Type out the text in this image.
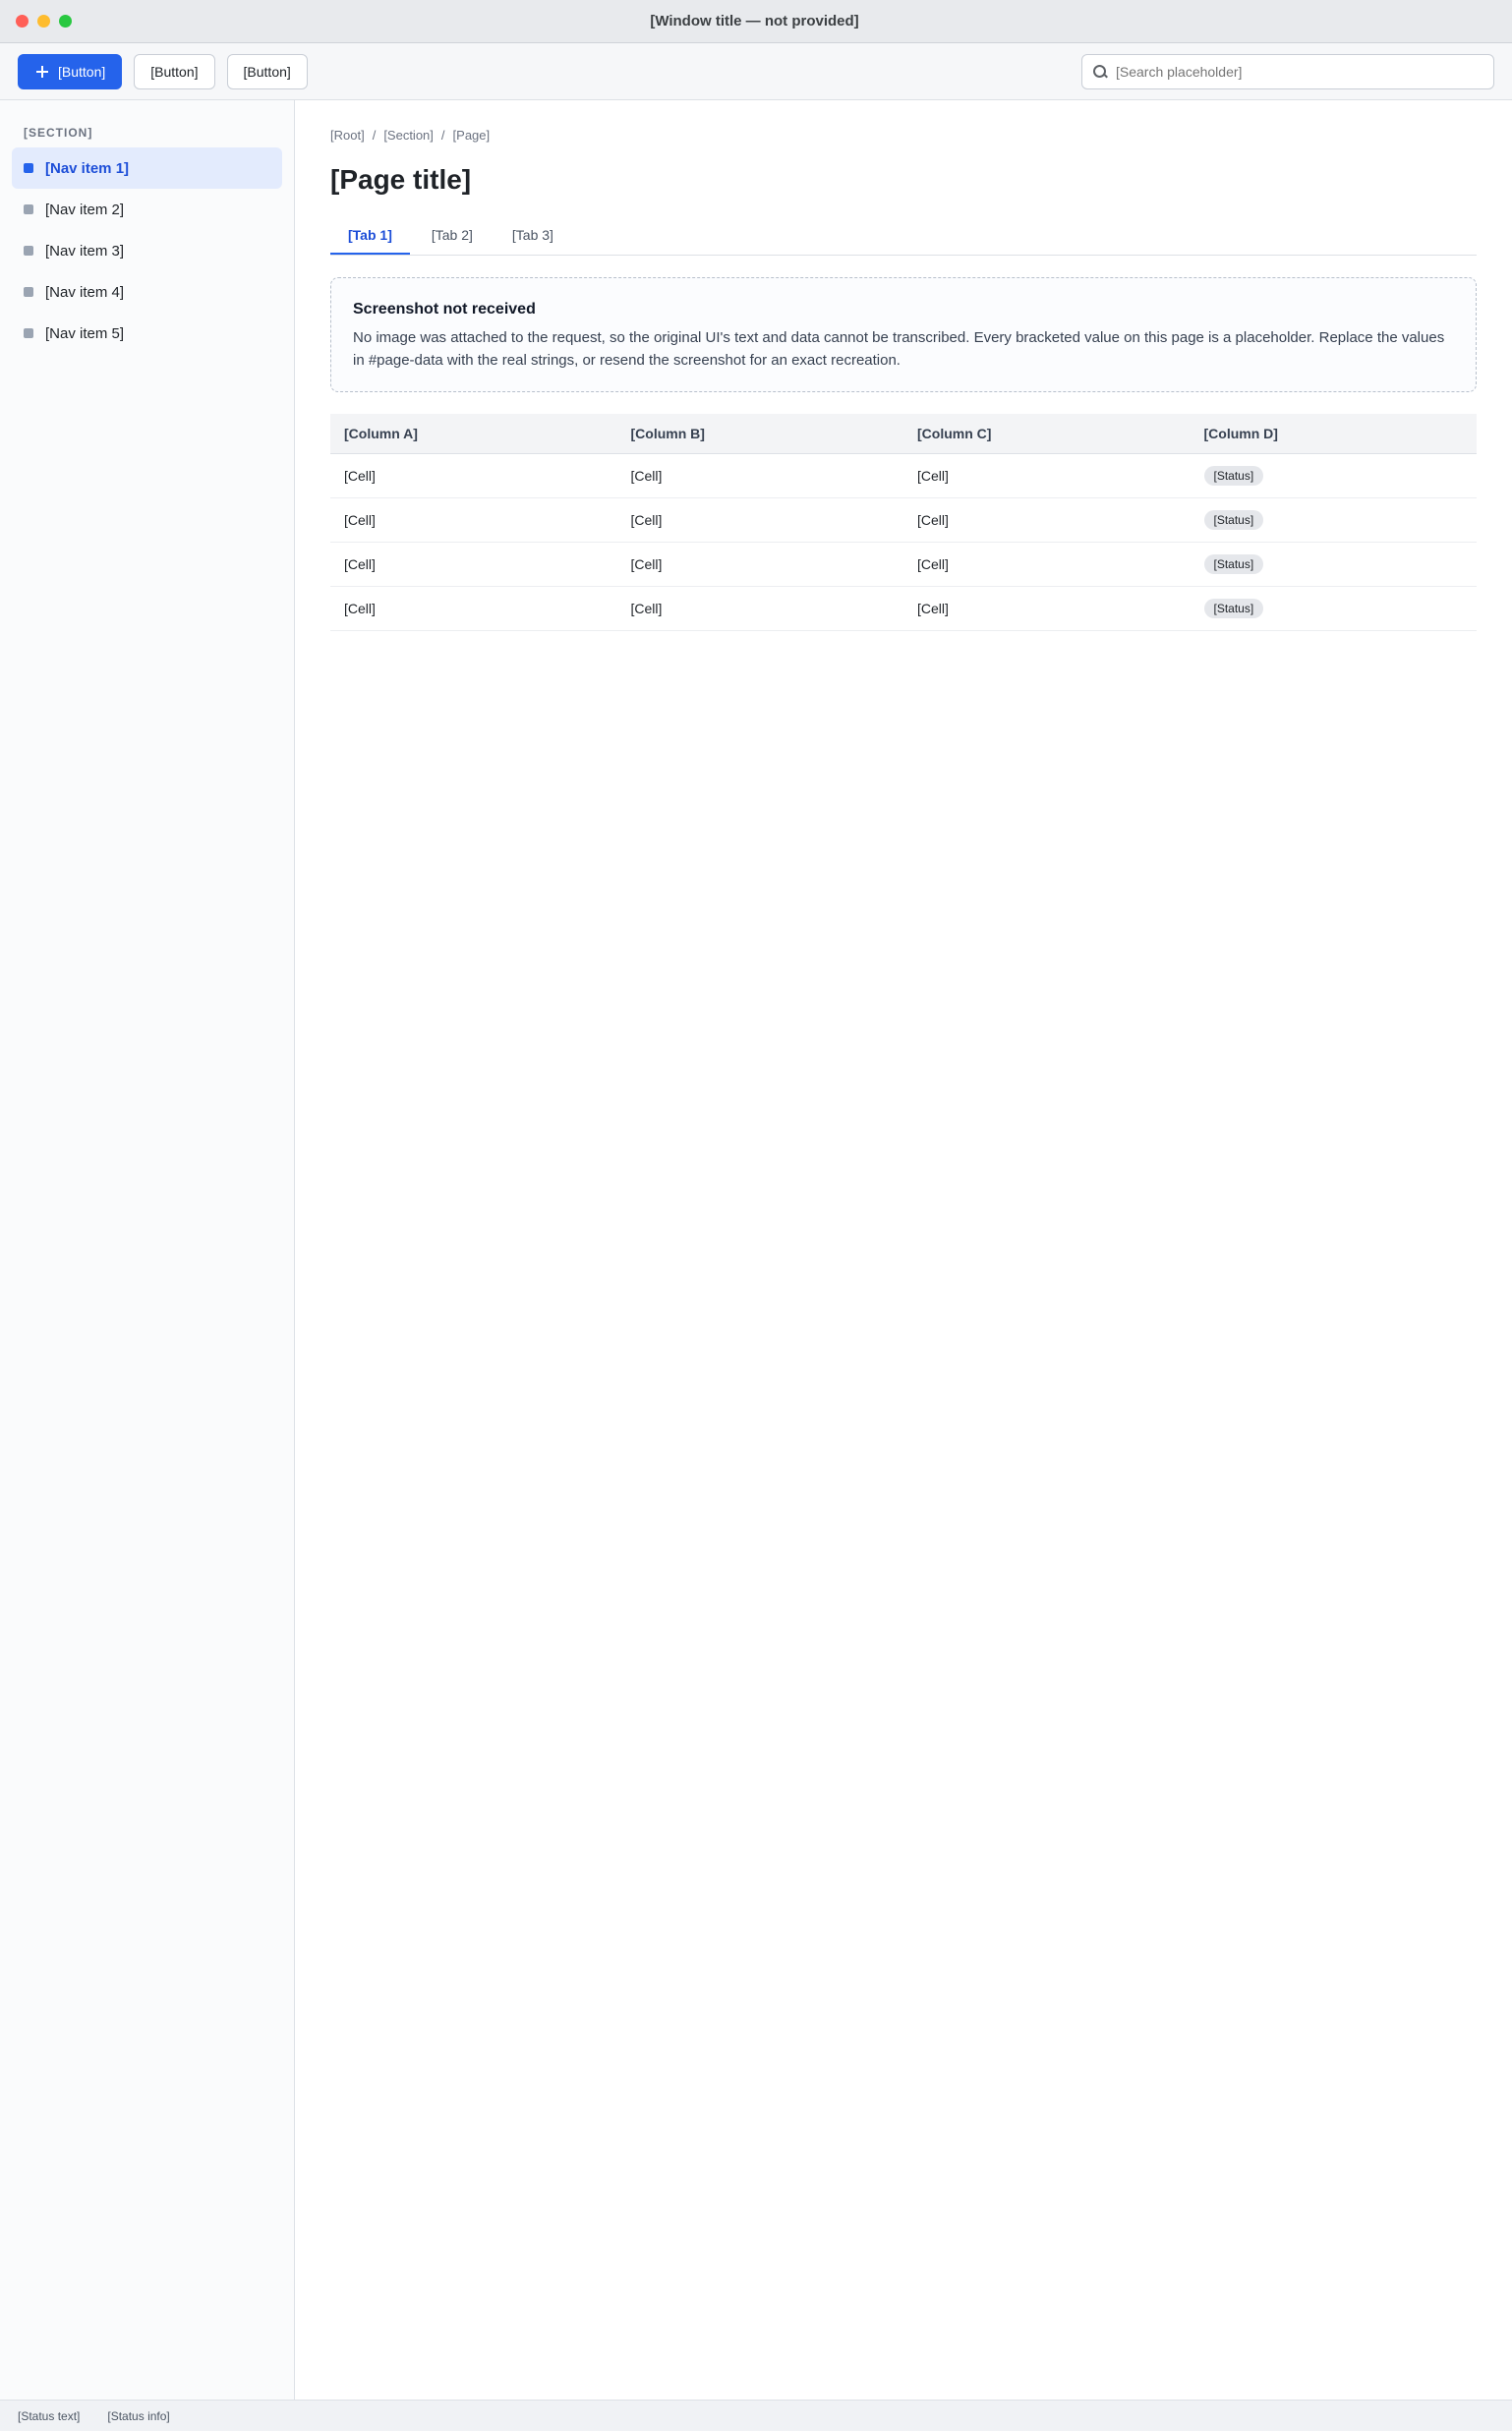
[Window title — not provided]
[Button]	[Button]	[Button]
[Search placeholder]
[SECTION]
[Nav item 1]
[Nav item 2]
[Nav item 3]
[Nav item 4]
[Nav item 5]
[Root] / [Section] / [Page]
[Page title]
[Tab 1]	[Tab 2]	[Tab 3]
Screenshot not received
No image was attached to the request, so the original UI's text and data cannot be transcribed. Every bracketed value on this page is a placeholder. Replace the values in #page-data with the real strings, or resend the screenshot for an exact recreation.
[Column A]	[Column B]	[Column C]	[Column D]
[Cell]	[Cell]	[Cell]	[Status]
[Cell]	[Cell]	[Cell]	[Status]
[Cell]	[Cell]	[Cell]	[Status]
[Cell]	[Cell]	[Cell]	[Status]
[Status text] [Status info]
